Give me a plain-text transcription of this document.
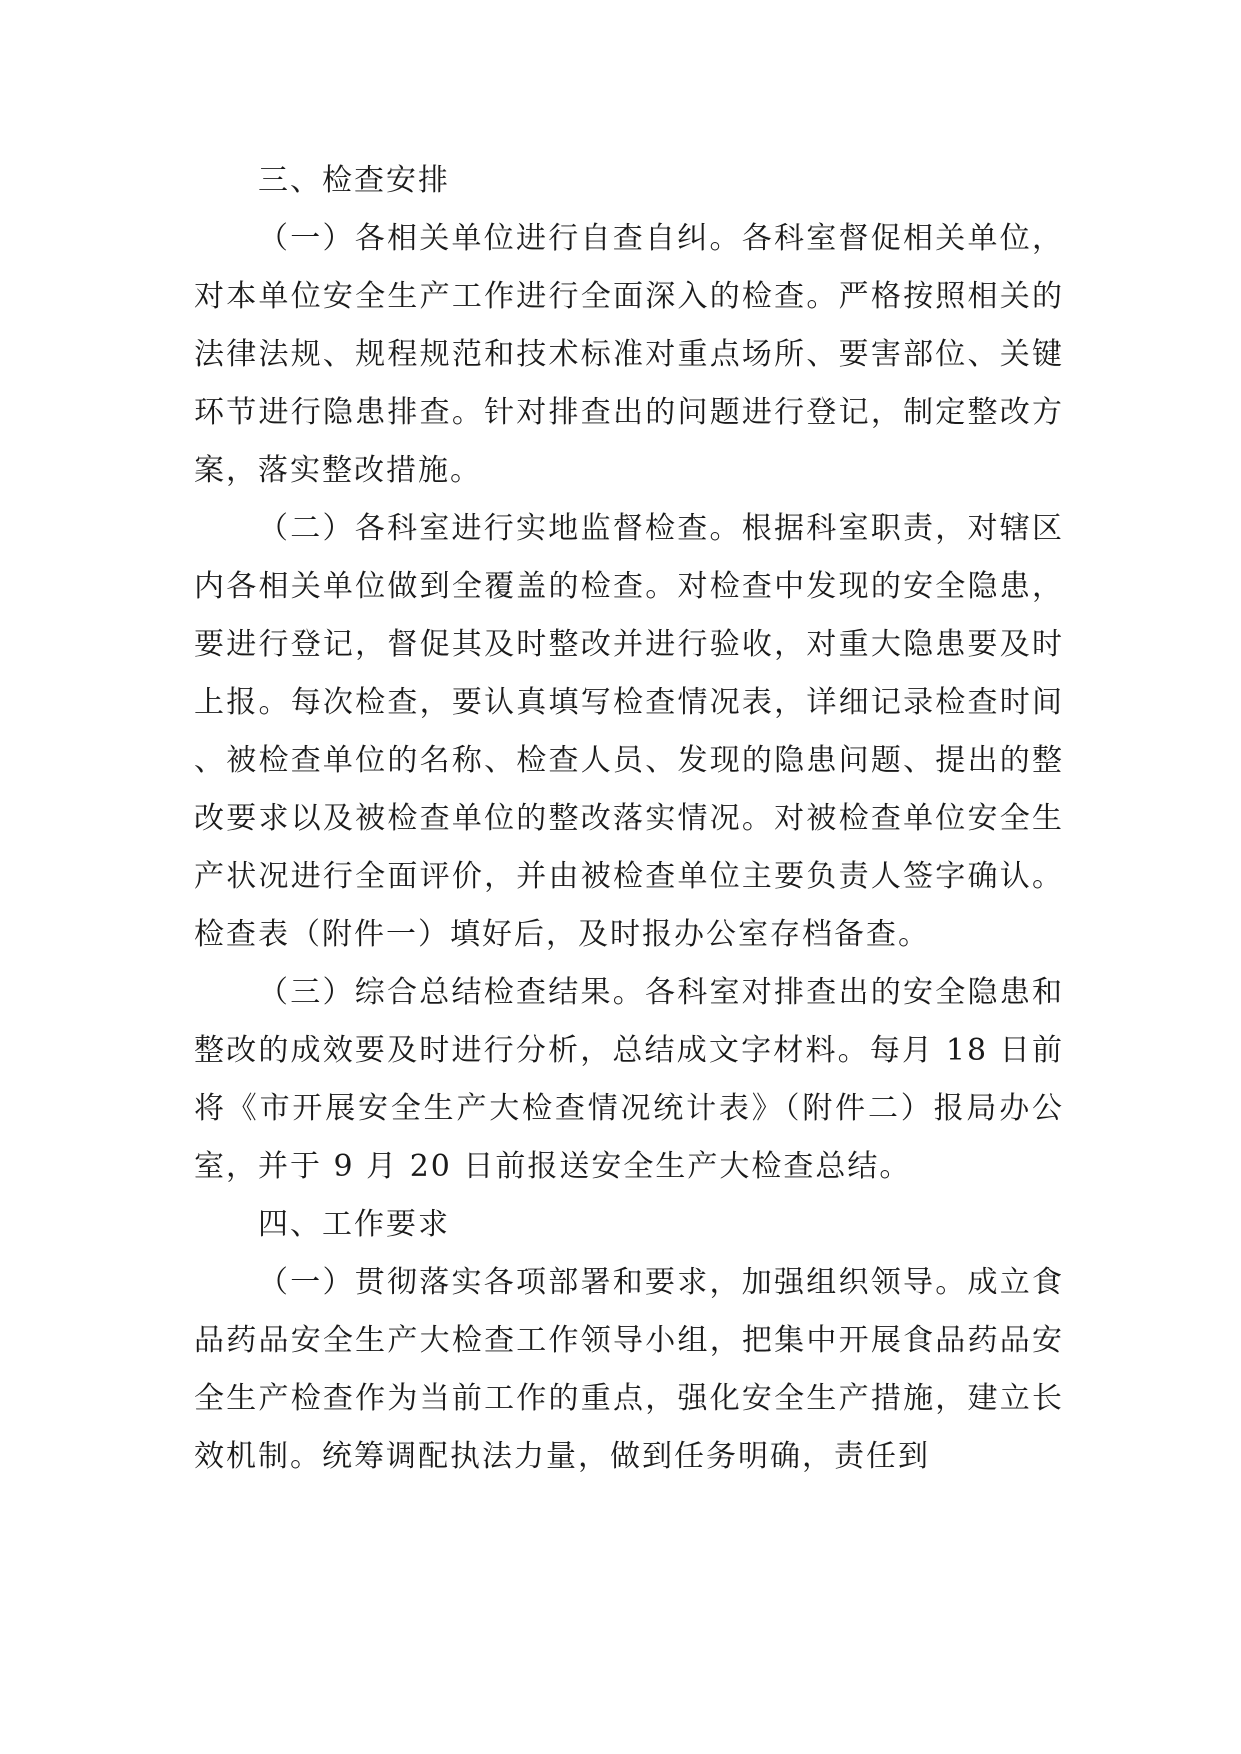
三、检查安排

（一）各相关单位进行自查自纠。各科室督促相关单位，对本单位安全生产工作进行全面深入的检查。严格按照相关的法律法规、规程规范和技术标准对重点场所、要害部位、关键环节进行隐患排查。针对排查出的问题进行登记，制定整改方案，落实整改措施。

（二）各科室进行实地监督检查。根据科室职责，对辖区内各相关单位做到全覆盖的检查。对检查中发现的安全隐患，要进行登记，督促其及时整改并进行验收，对重大隐患要及时上报。每次检查，要认真填写检查情况表，详细记录检查时间、被检查单位的名称、检查人员、发现的隐患问题、提出的整改要求以及被检查单位的整改落实情况。对被检查单位安全生产状况进行全面评价，并由被检查单位主要负责人签字确认。检查表（附件一）填好后，及时报办公室存档备查。

（三）综合总结检查结果。各科室对排查出的安全隐患和整改的成效要及时进行分析，总结成文字材料。每月 18 日前将《市开展安全生产大检查情况统计表》（附件二）报局办公室，并于 9 月 20 日前报送安全生产大检查总结。

四、工作要求

（一）贯彻落实各项部署和要求，加强组织领导。成立食品药品安全生产大检查工作领导小组，把集中开展食品药品安全生产检查作为当前工作的重点，强化安全生产措施，建立长效机制。统筹调配执法力量，做到任务明确，责任到
